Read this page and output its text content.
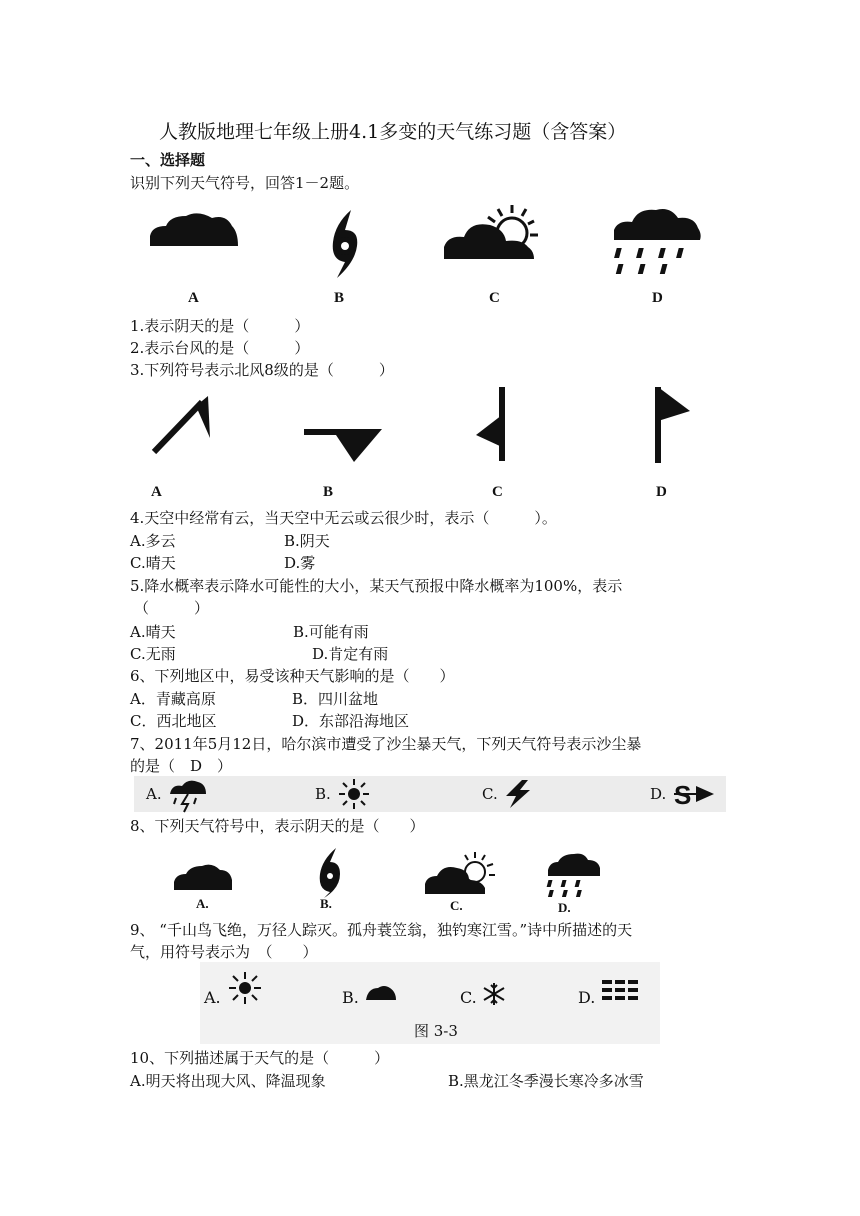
人教版地理七年级上册4.1多变的天气练习题（含答案）
一、选择题
识别下列天气符号，回答1－2题。
A	B	C	D
1.表示阴天的是（　　　）
2.表示台风的是（　　　）
3.下列符号表示北风8级的是（　　　）
A	B	C	D
4.天空中经常有云，当天空中无云或云很少时，表示（　　　）。
A.多云	B.阴天
C.晴天	D.雾
5.降水概率表示降水可能性的大小，某天气预报中降水概率为100%，表示
（　　　）
A.晴天	B.可能有雨
C.无雨	D.肯定有雨
6、下列地区中，易受该种天气影响的是（　　）
A．青藏高原	B．四川盆地
C．西北地区	D．东部沿海地区
7、2011年5月12日，哈尔滨市遭受了沙尘暴天气，下列天气符号表示沙尘暴
的是（　D　）
A.	B.	C.	D. S
8、下列天气符号中，表示阴天的是（　　）
A.	B.	C.	D.
9、 “千山鸟飞绝，万径人踪灭。孤舟蓑笠翁，独钓寒江雪。”诗中所描述的天
气，用符号表示为　（　　）
A.	B.	C.	D.
图 3-3
10、下列描述属于天气的是（　　　）
A.明天将出现大风、降温现象	B.黑龙江冬季漫长寒冷多冰雪
